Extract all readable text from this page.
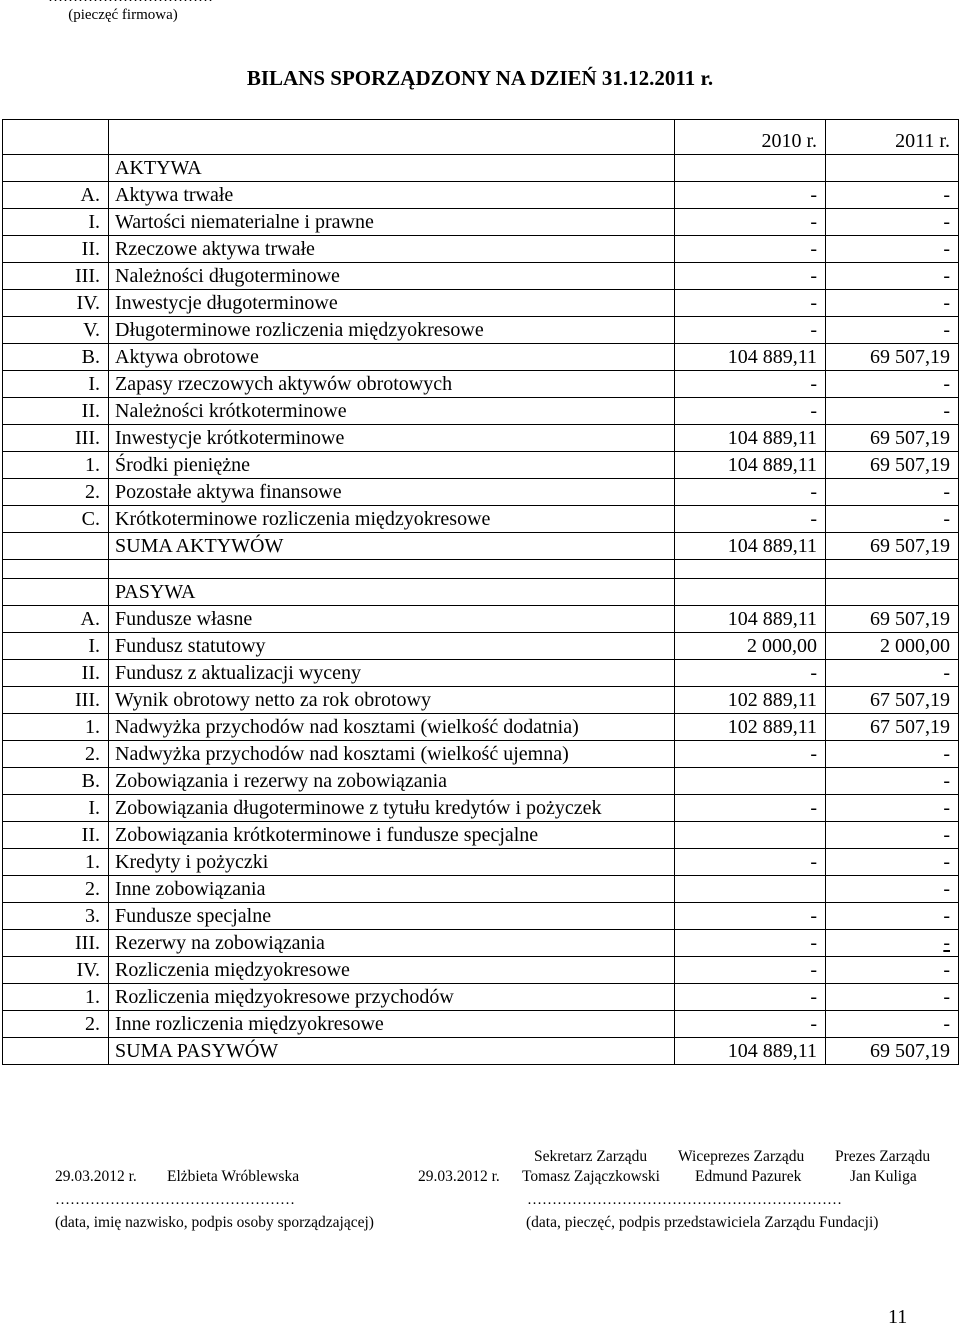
(pieczęć firmowa)
BILANS SPORZĄDZONY NA DZIEŃ 31.12.2011 r.
		2010 r.	2011 r.
	AKTYWA		
A.	Aktywa trwałe	-	-
I.	Wartości niematerialne i prawne	-	-
II.	Rzeczowe aktywa trwałe	-	-
III.	Należności długoterminowe	-	-
IV.	Inwestycje długoterminowe	-	-
V.	Długoterminowe rozliczenia międzyokresowe	-	-
B.	Aktywa obrotowe	104 889,11	69 507,19
I.	Zapasy rzeczowych aktywów obrotowych	-	-
II.	Należności krótkoterminowe	-	-
III.	Inwestycje krótkoterminowe	104 889,11	69 507,19
1.	Środki pieniężne	104 889,11	69 507,19
2.	Pozostałe aktywa finansowe	-	-
C.	Krótkoterminowe rozliczenia międzyokresowe	-	-
	SUMA AKTYWÓW	104 889,11	69 507,19

	PASYWA		
A.	Fundusze własne	104 889,11	69 507,19
I.	Fundusz statutowy	2 000,00	2 000,00
II.	Fundusz z aktualizacji wyceny	-	-
III.	Wynik obrotowy netto za rok obrotowy	102 889,11	67 507,19
1.	Nadwyżka przychodów nad kosztami (wielkość dodatnia)	102 889,11	67 507,19
2.	Nadwyżka przychodów nad kosztami (wielkość ujemna)	-	-
B.	Zobowiązania i rezerwy na zobowiązania		-
I.	Zobowiązania długoterminowe z tytułu kredytów i pożyczek	-	-
II.	Zobowiązania krótkoterminowe i fundusze specjalne		-
1.	Kredyty i pożyczki	-	-
2.	Inne zobowiązania		-
3.	Fundusze specjalne	-	-
III.	Rezerwy na zobowiązania	-	-
IV.	Rozliczenia międzyokresowe	-	-
1.	Rozliczenia międzyokresowe przychodów	-	-
2.	Inne rozliczenia międzyokresowe	-	-
	SUMA PASYWÓW	104 889,11	69 507,19
Sekretarz Zarządu Wiceprezes Zarządu Prezes Zarządu
29.03.2012 r. Elżbieta Wróblewska	29.03.2012 r. Tomasz Zajączkowski Edmund Pazurek	Jan Kuliga
…………………………………………	………………………………………………………
(data, imię nazwisko, podpis osoby sporządzającej)	(data, pieczęć, podpis przedstawiciela Zarządu Fundacji)
11
